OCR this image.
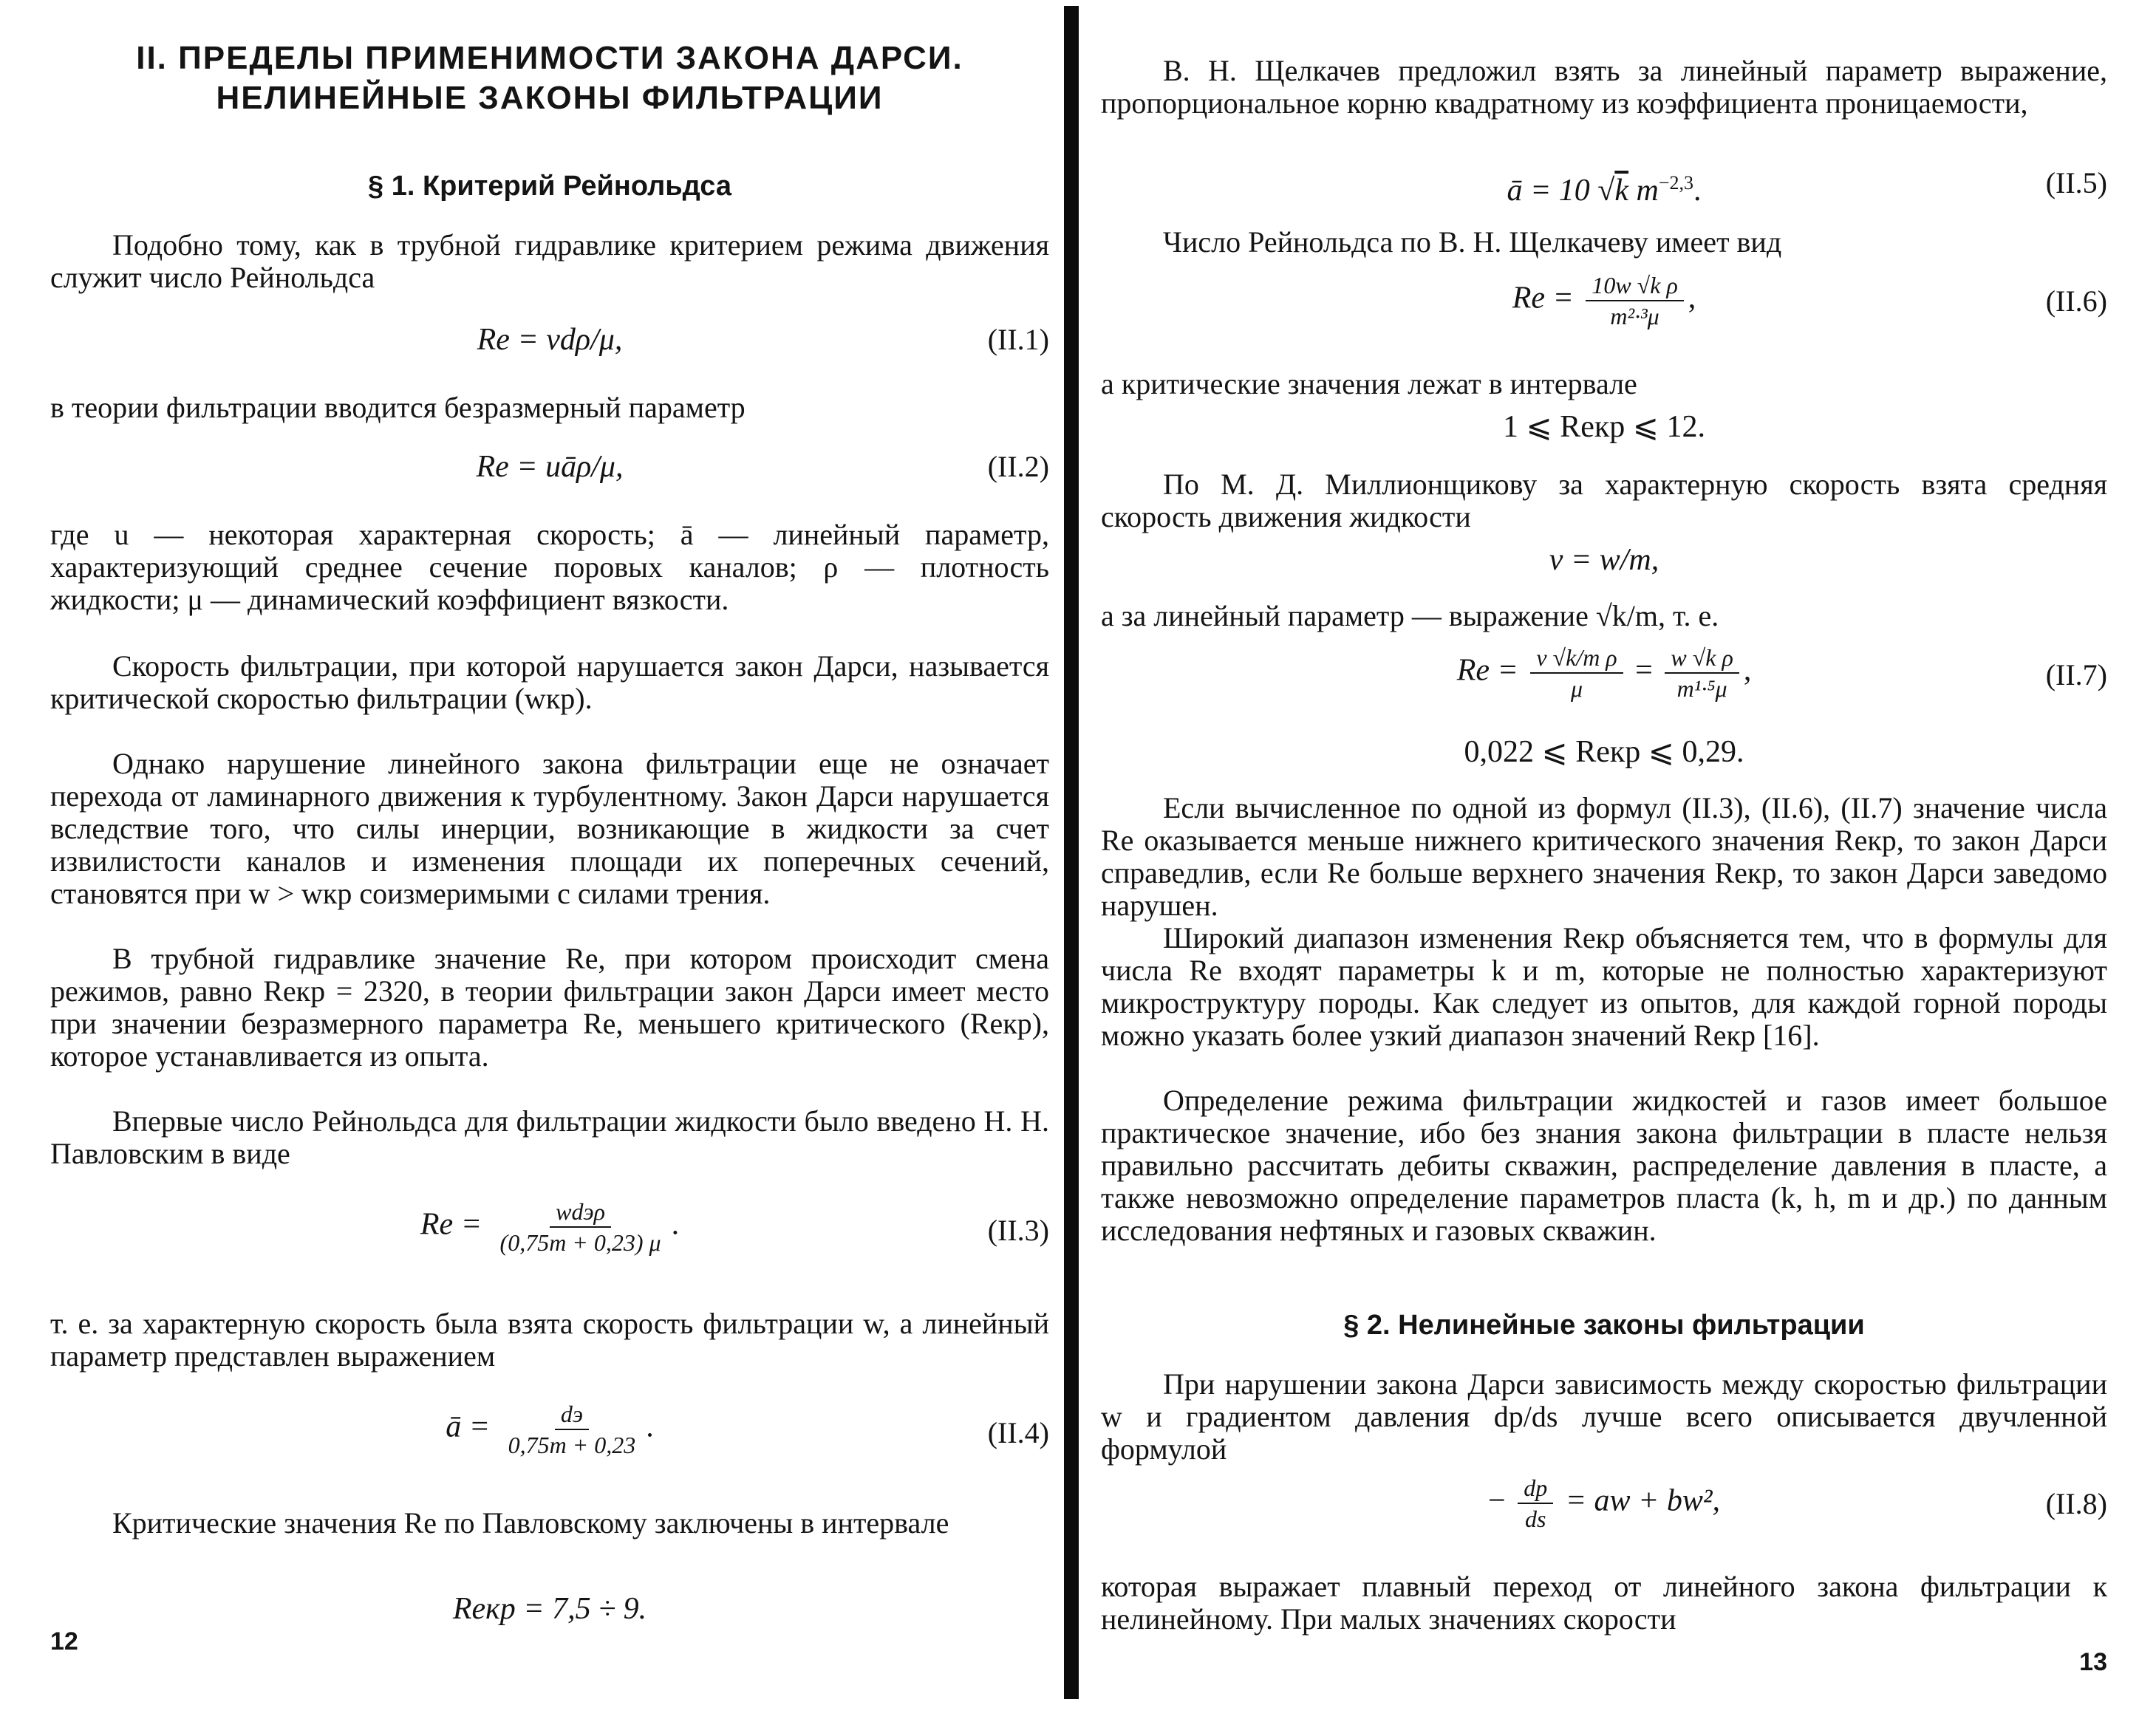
II. ПРЕДЕЛЫ ПРИМЕНИМОСТИ ЗАКОНА ДАРСИ.
НЕЛИНЕЙНЫЕ ЗАКОНЫ ФИЛЬТРАЦИИ
§ 1. Критерий Рейнольдса
Подобно тому, как в трубной гидравлике критерием режима движения служит число Рейнольдса
Re = vdρ/μ,	(II.1)
в теории фильтрации вводится безразмерный параметр
Re = uāρ/μ,	(II.2)
где u — некоторая характерная скорость; ā — линейный параметр, характеризующий среднее сечение поровых каналов; ρ — плотность жидкости; μ — динамический коэффициент вязкости.
Скорость фильтрации, при которой нарушается закон Дарси, называется критической скоростью фильтрации (wкр).
Однако нарушение линейного закона фильтрации еще не означает перехода от ламинарного движения к турбулентному. Закон Дарси нарушается вследствие того, что силы инерции, возникающие в жидкости за счет извилистости каналов и изменения площади их поперечных сечений, становятся при w > wкр соизмеримыми с силами трения.
В трубной гидравлике значение Re, при котором происходит смена режимов, равно Reкр = 2320, в теории фильтрации закон Дарси имеет место при значении безразмерного параметра Re, меньшего критического (Reкр), которое устанавливается из опыта.
Впервые число Рейнольдса для фильтрации жидкости было введено Н. Н. Павловским в виде
$Re = \frac{\text{wdэρ}}{(0,75m + 0,23) \mu}$ .	(II.3)
т. е. за характерную скорость была взята скорость фильтрации w, а линейный параметр представлен выражением
ā = $\frac{dэ}{0,75m + 0,23}$ .	(II.4)
Критические значения Re по Павловскому заключены в интервале
Reкр = 7,5 ÷ 9.
12
В. Н. Щелкачев предложил взять за линейный параметр выражение, пропорциональное корню квадратному из коэффициента проницаемости,
ā = 10 √k $m^{-2,3}$.	(II.5)
Число Рейнольдса по В. Н. Щелкачеву имеет вид
$Re = \frac{\text{10w √k ρ}}{\text{m²·³μ}}$ ,	(II.6)
а критические значения лежат в интервале
1 ⩽ Reкр ⩽ 12.
По М. Д. Миллионщикову за характерную скорость взята средняя скорость движения жидкости
v = w/m,
а за линейный параметр — выражение √k/m, т. е.
$Re = \frac{\text{v √k/m ρ}}{\mu} = \frac{\text{w √k ρ}}{\text{m¹·⁵μ}}$ ,	(II.7)
0,022 ⩽ Reкр ⩽ 0,29.
Если вычисленное по одной из формул (II.3), (II.6), (II.7) значение числа Re оказывается меньше нижнего критического значения Reкр, то закон Дарси справедлив, если Re больше верхнего значения Reкр, то закон Дарси заведомо нарушен.
Широкий диапазон изменения Reкр объясняется тем, что в формулы для числа Re входят параметры k и m, которые не полностью характеризуют микроструктуру породы. Как следует из опытов, для каждой горной породы можно указать более узкий диапазон значений Reкр [16].
Определение режима фильтрации жидкостей и газов имеет большое практическое значение, ибо без знания закона фильтрации в пласте нельзя правильно рассчитать дебиты скважин, распределение давления в пласте, а также невозможно определение параметров пласта (k, h, m и др.) по данным исследования нефтяных и газовых скважин.
§ 2. Нелинейные законы фильтрации
При нарушении закона Дарси зависимость между скоростью фильтрации w и градиентом давления dp/ds лучше всего описывается двучленной формулой
− $\frac{dp}{ds}$ = aw + bw²,	(II.8)
которая выражает плавный переход от линейного закона фильтрации к нелинейному. При малых значениях скорости
13
